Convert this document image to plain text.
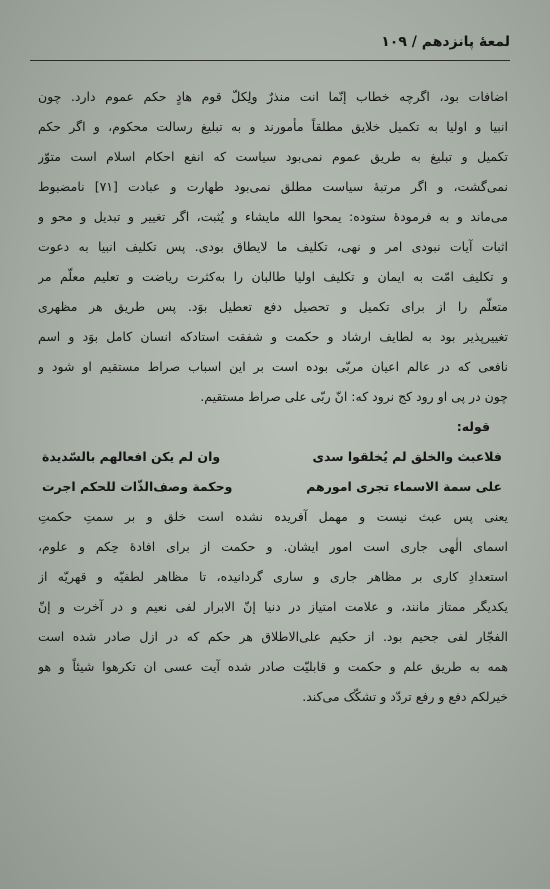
لمعهٔ پانزدهم / ۱۰۹
اضافات بود، اگرچه خطاب إنّما انت منذرٌ ولِکلّ قوم هادٍ حکم عموم دارد. چون
انبیا و اولیا به تکمیل خلایق مطلقاً مأمورند و به تبلیغ رسالت محکوم، و اگر حکم
تکمیل و تبلیغ به طریق عموم نمی‌بود سیاست که انفع احکام اسلام است متوّر
نمی‌گشت، و اگر مرتبهٔ سیاست مطلق نمی‌بود طهارت و عبادت [۷۱] نامضبوط
می‌ماند و به فرمودهٔ ستوده: یمحوا الله مایشاء و یُثبت، اگر تغییر و تبدیل و محو و
اثبات آیات نبودی امر و نهی، تکلیف ما لایطاق بودی. پس تکلیف انبیا به دعوت
و تکلیف امّت به ایمان و تکلیف اولیا طالبان را به‌کثرت ریاضت و تعلیم معلّم مر
متعلّم را از برای تکمیل و تحصیل دفع تعطیل بوَد. پس طریق هر مظهری
تغییرپذیر بود به لطایف ارشاد و حکمت و شفقت استادکه انسان کامل بوَد و اسم
نافعی که در عالم اعیان مربّی بوده است بر این اسباب صراط مستقیم او شود و
چون در پی او رود کج نرود که: انّ ربّی علی صراط مستقیم.
قوله:
فلاعبث والخلق لم یُخلقوا سدی
وان لم یکن افعالهم بالسّدیدة
علی سمة الاسماء تجری امورهم
وحکمة وصف‌الذّات للحکم اجرت
یعنی پس عبث نیست و مهمل آفریده نشده است خلق و بر سمتِ حکمتِ
اسمای الٰهی جاری است امور ایشان. و حکمت از برای افادهٔ حِکم و علوم،
استعدادِ کاری بر مظاهر جاری و ساری گردانیده، تا مظاهر لطفیّه و قهریّه از
یکدیگر ممتاز مانند، و علامت امتیاز در دنیا إنّ الابرار لفی نعیم و در آخرت و إنّ
الفجّار لفی جحیم بود. از حکیم علی‌الاطلاق هر حکم که در ازل صادر شده است
همه به طریق علم و حکمت و قابلیّت صادر شده آیت عسی ان تکرهوا شیئاً و هو
خیرلکم دفع و رفع تردّد و تشکّک می‌کند.
